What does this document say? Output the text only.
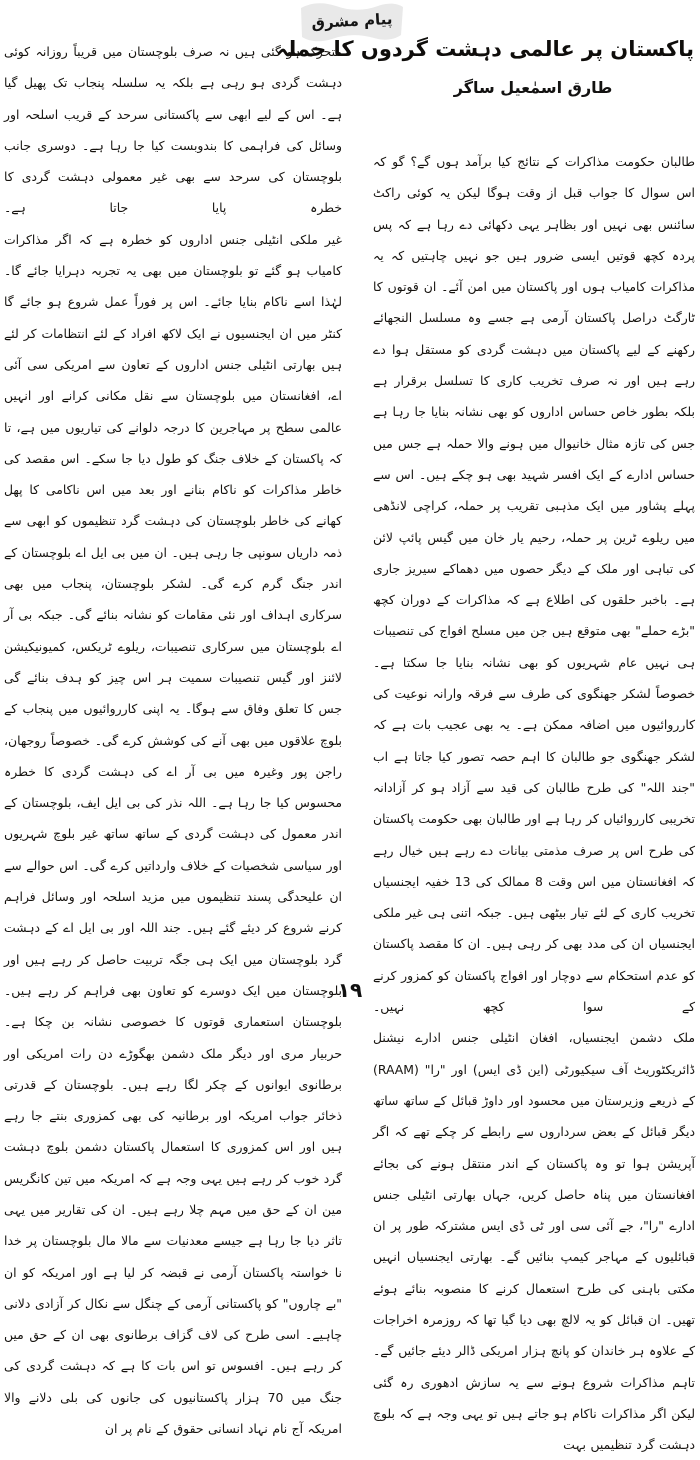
پیام مشرق
پاکستان پر عالمی دہشت گردوں کا حملہ
طارق اسمٰعیل ساگر

طالبان حکومت مذاکرات کے نتائج کیا برآمد ہوں گے؟ گو کہ اس سوال کا جواب قبل از وقت ہوگا لیکن یہ کوئی راکٹ سائنس بھی نہیں اور بظاہر یہی دکھائی دے رہا ہے کہ پس پردہ کچھ قوتیں ایسی ضرور ہیں جو نہیں چاہتیں کہ یہ مذاکرات کامیاب ہوں اور پاکستان میں امن آئے۔ ان قوتوں کا ٹارگٹ دراصل پاکستان آرمی ہے جسے وہ مسلسل النجھائے رکھنے کے لیے پاکستان میں دہشت گردی کو مستقل ہوا دے رہے ہیں اور نہ صرف تخریب کاری کا تسلسل برقرار ہے بلکہ بطور خاص حساس اداروں کو بھی نشانہ بنایا جا رہا ہے جس کی تازہ مثال خانیوال میں ہونے والا حملہ ہے جس میں حساس ادارے کے ایک افسر شہید بھی ہو چکے ہیں۔ اس سے پہلے پشاور میں ایک مذہبی تقریب پر حملہ، کراچی لانڈھی میں ریلوے ٹرین پر حملہ، رحیم یار خان میں گیس پائپ لائن کی تباہی اور ملک کے دیگر حصوں میں دھماکے سیریز جاری ہے۔ باخبر حلقوں کی اطلاع ہے کہ مذاکرات کے دوران کچھ "بڑے حملے" بھی متوقع ہیں جن میں مسلح افواج کی تنصیبات ہی نہیں عام شہریوں کو بھی نشانہ بنایا جا سکتا ہے۔ خصوصاً لشکر جھنگوی کی طرف سے فرقہ وارانہ نوعیت کی کارروائیوں میں اضافہ ممکن ہے۔ یہ بھی عجیب بات ہے کہ لشکر جھنگوی جو طالبان کا اہم حصہ تصور کیا جاتا ہے اب "جند اللہ" کی طرح طالبان کی قید سے آزاد ہو کر آزادانہ تخریبی کارروائیاں کر رہا ہے اور طالبان بھی حکومت پاکستان کی طرح اس پر صرف مذمتی بیانات دے رہے ہیں خیال رہے کہ افغانستان میں اس وقت 8 ممالک کی 13 خفیہ ایجنسیاں تخریب کاری کے لئے تیار بیٹھی ہیں۔ جبکہ اتنی ہی غیر ملکی ایجنسیاں ان کی مدد بھی کر رہی ہیں۔ ان کا مقصد پاکستان کو عدم استحکام سے دوچار اور افواج پاکستان کو کمزور کرنے کے سوا کچھ نہیں۔

ملک دشمن ایجنسیاں، افغان انٹیلی جنس ادارے نیشنل ڈائریکٹوریٹ آف سیکیورٹی (این ڈی ایس) اور "را" (RAAM) کے ذریعے وزیرستان میں محسود اور داوڑ قبائل کے ساتھ ساتھ دیگر قبائل کے بعض سرداروں سے رابطے کر چکے تھے کہ اگر آپریشن ہوا تو وہ پاکستان کے اندر منتقل ہونے کی بجائے افغانستان میں پناہ حاصل کریں، جہاں بھارتی انٹیلی جنس ادارے "را"، جے آئی سی اور ٹی ڈی ایس مشترکہ طور پر ان قبائلیوں کے مہاجر کیمپ بنائیں گے۔ بھارتی ایجنسیاں انہیں مکتی باہنی کی طرح استعمال کرنے کا منصوبہ بنائے ہوئے تھیں۔ ان قبائل کو یہ لالچ بھی دیا گیا تھا کہ روزمرہ اخراجات کے علاوہ ہر خاندان کو پانچ ہزار امریکی ڈالر دیئے جائیں گے۔ تاہم مذاکرات شروع ہونے سے یہ سازش ادھوری رہ گئی لیکن اگر مذاکرات ناکام ہو جاتے ہیں تو یہی وجہ ہے کہ بلوچ دہشت گرد تنظیمیں بہت

متحرک ہو گئی ہیں نہ صرف بلوچستان میں قریباً روزانہ کوئی دہشت گردی ہو رہی ہے بلکہ یہ سلسلہ پنجاب تک پھیل گیا ہے۔ اس کے لیے ابھی سے پاکستانی سرحد کے قریب اسلحہ اور وسائل کی فراہمی کا بندوبست کیا جا رہا ہے۔ دوسری جانب بلوچستان کی سرحد سے بھی غیر معمولی دہشت گردی کا خطرہ پایا جاتا ہے۔

غیر ملکی انٹیلی جنس اداروں کو خطرہ ہے کہ اگر مذاکرات کامیاب ہو گئے تو بلوچستان میں بھی یہ تجربہ دہرایا جائے گا۔ لہٰذا اسے ناکام بنایا جائے۔ اس پر فوراً عمل شروع ہو جائے گا کنٹر میں ان ایجنسیوں نے ایک لاکھ افراد کے لئے انتظامات کر لئے ہیں بھارتی انٹیلی جنس اداروں کے تعاون سے امریکی سی آئی اے، افغانستان میں بلوچستان سے نقل مکانی کرانے اور انہیں عالمی سطح پر مہاجرین کا درجہ دلوانے کی تیاریوں میں ہے، تا کہ پاکستان کے خلاف جنگ کو طول دیا جا سکے۔ اس مقصد کی خاطر مذاکرات کو ناکام بنانے اور بعد میں اس ناکامی کا پھل کھانے کی خاطر بلوچستان کی دہشت گرد تنظیموں کو ابھی سے ذمہ داریاں سونپی جا رہی ہیں۔ ان میں بی ایل اے بلوچستان کے اندر جنگ گرم کرے گی۔ لشکر بلوچستان، پنجاب میں بھی سرکاری اہداف اور نئی مقامات کو نشانہ بنائے گی۔ جبکہ بی آر اے بلوچستان میں سرکاری تنصیبات، ریلوے ٹریکس، کمیونیکیشن لائنز اور گیس تنصیبات سمیت ہر اس چیز کو ہدف بنائے گی جس کا تعلق وفاق سے ہوگا۔ یہ اپنی کارروائیوں میں پنجاب کے بلوچ علاقوں میں بھی آنے کی کوشش کرے گی۔ خصوصاً روجھان، راجن پور وغیرہ میں بی آر اے کی دہشت گردی کا خطرہ محسوس کیا جا رہا ہے۔ اللہ نذر کی بی ایل ایف، بلوچستان کے اندر معمول کی دہشت گردی کے ساتھ ساتھ غیر بلوچ شہریوں اور سیاسی شخصیات کے خلاف وارداتیں کرے گی۔ اس حوالے سے ان علیحدگی پسند تنظیموں میں مزید اسلحہ اور وسائل فراہم کرنے شروع کر دیئے گئے ہیں۔ جند اللہ اور بی ایل اے کے دہشت گرد بلوچستان میں ایک ہی جگہ تربیت حاصل کر رہے ہیں اور بلوچستان میں ایک دوسرے کو تعاون بھی فراہم کر رہے ہیں۔ بلوچستان استعماری قوتوں کا خصوصی نشانہ بن چکا ہے۔ حربیار مری اور دیگر ملک دشمن بھگوڑے دن رات امریکی اور برطانوی ایوانوں کے چکر لگا رہے ہیں۔ بلوچستان کے قدرتی ذخائر جواب امریکہ اور برطانیہ کی بھی کمزوری بنتے جا رہے ہیں اور اس کمزوری کا استعمال پاکستان دشمن بلوچ دہشت گرد خوب کر رہے ہیں یہی وجہ ہے کہ امریکہ میں تین کانگریس مین ان کے حق میں مہم چلا رہے ہیں۔ ان کی تقاریر میں یہی تاثر دیا جا رہا ہے جیسے معدنیات سے مالا مال بلوچستان پر خدا نا خواستہ پاکستان آرمی نے قبضہ کر لیا ہے اور امریکہ کو ان "بے چاروں" کو پاکستانی آرمی کے چنگل سے نکال کر آزادی دلانی چاہیے۔ اسی طرح کی لاف گزاف برطانوی بھی ان کے حق میں کر رہے ہیں۔ افسوس تو اس بات کا ہے کہ دہشت گردی کی جنگ میں 70 ہزار پاکستانیوں کی جانوں کی بلی دلانے والا امریکہ آج نام نہاد انسانی حقوق کے نام پر ان

۱۹
